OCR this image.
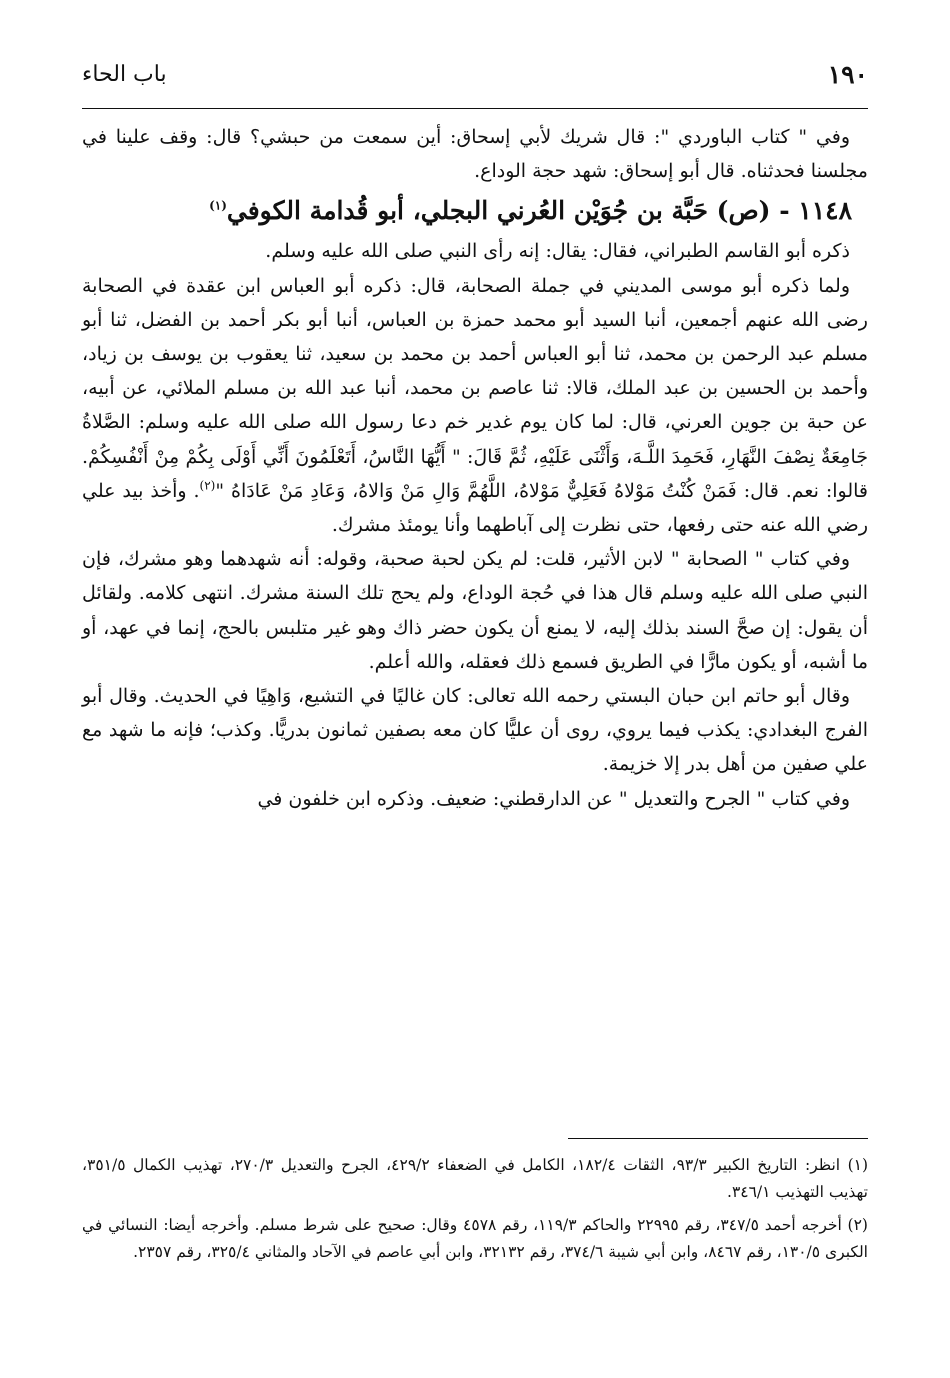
١٩٠
باب الحاء

وفي " كتاب الباوردي ": قال شريك لأبي إسحاق: أين سمعت من حبشي؟ قال: وقف علينا في مجلسنا فحدثناه. قال أبو إسحاق: شهد حجة الوداع.

١١٤٨ - (ص) حَبَّة بن جُوَيْن العُرني البجلي، أبو قُدامة الكوفي$^{(١)}$

ذكره أبو القاسم الطبراني، فقال: يقال: إنه رأى النبي صلى الله عليه وسلم.

ولما ذكره أبو موسى المديني في جملة الصحابة، قال: ذكره أبو العباس ابن عقدة في الصحابة رضى الله عنهم أجمعين، أنبا السيد أبو محمد حمزة بن العباس، أنبا أبو بكر أحمد بن الفضل، ثنا أبو مسلم عبد الرحمن بن محمد، ثنا أبو العباس أحمد بن محمد بن سعيد، ثنا يعقوب بن يوسف بن زياد، وأحمد بن الحسين بن عبد الملك، قالا: ثنا عاصم بن محمد، أنبا عبد الله بن مسلم الملائي، عن أبيه، عن حبة بن جوين العرني، قال: لما كان يوم غدير خم دعا رسول الله صلى الله عليه وسلم: الصَّلاةُ جَامِعَةٌ نِصْفَ النَّهَارِ، فَحَمِدَ اللَّـهَ، وَأَثْنَى عَلَيْهِ، ثُمَّ قَالَ: " أَيُّهَا النَّاسُ، أَتَعْلَمُونَ أَنِّي أَوْلَى بِكُمْ مِنْ أَنْفُسِكُمْ. قالوا: نعم. قال: فَمَنْ كُنْتُ مَوْلاهُ فَعَلِيٌّ مَوْلاهُ، اللَّهُمَّ وَالِ مَنْ وَالاهُ، وَعَادِ مَنْ عَادَاهُ "$^{(٢)}$. وأخذ بيد علي رضي الله عنه حتى رفعها، حتى نظرت إلى آباطهما وأنا يومئذ مشرك.

وفي كتاب " الصحابة " لابن الأثير، قلت: لم يكن لحبة صحبة، وقوله: أنه شهدهما وهو مشرك، فإن النبي صلى الله عليه وسلم قال هذا في حُجة الوداع، ولم يحج تلك السنة مشرك. انتهى كلامه. ولقائل أن يقول: إن صحَّ السند بذلك إليه، لا يمنع أن يكون حضر ذاك وهو غير متلبس بالحج، إنما في عهد، أو ما أشبه، أو يكون مارًّا في الطريق فسمع ذلك فعقله، والله أعلم.

وقال أبو حاتم ابن حبان البستي رحمه الله تعالى: كان غاليًا في التشيع، وَاهِيًا في الحديث. وقال أبو الفرج البغدادي: يكذب فيما يروي، روى أن عليًّا كان معه بصفين ثمانون بدريًّا. وكذب؛ فإنه ما شهد مع علي صفين من أهل بدر إلا خزيمة.

وفي كتاب " الجرح والتعديل " عن الدارقطني: ضعيف. وذكره ابن خلفون في

(١) انظر: التاريخ الكبير ٩٣/٣، الثقات ١٨٢/٤، الكامل في الضعفاء ٤٢٩/٢، الجرح والتعديل ٢٧٠/٣، تهذيب الكمال ٣٥١/٥، تهذيب التهذيب ٣٤٦/١.

(٢) أخرجه أحمد ٣٤٧/٥، رقم ٢٢٩٩٥ والحاكم ١١٩/٣، رقم ٤٥٧٨ وقال: صحيح على شرط مسلم. وأخرجه أيضا: النسائي في الكبرى ١٣٠/٥، رقم ٨٤٦٧، وابن أبي شيبة ٣٧٤/٦، رقم ٣٢١٣٢، وابن أبي عاصم في الآحاد والمثاني ٣٢٥/٤، رقم ٢٣٥٧.
